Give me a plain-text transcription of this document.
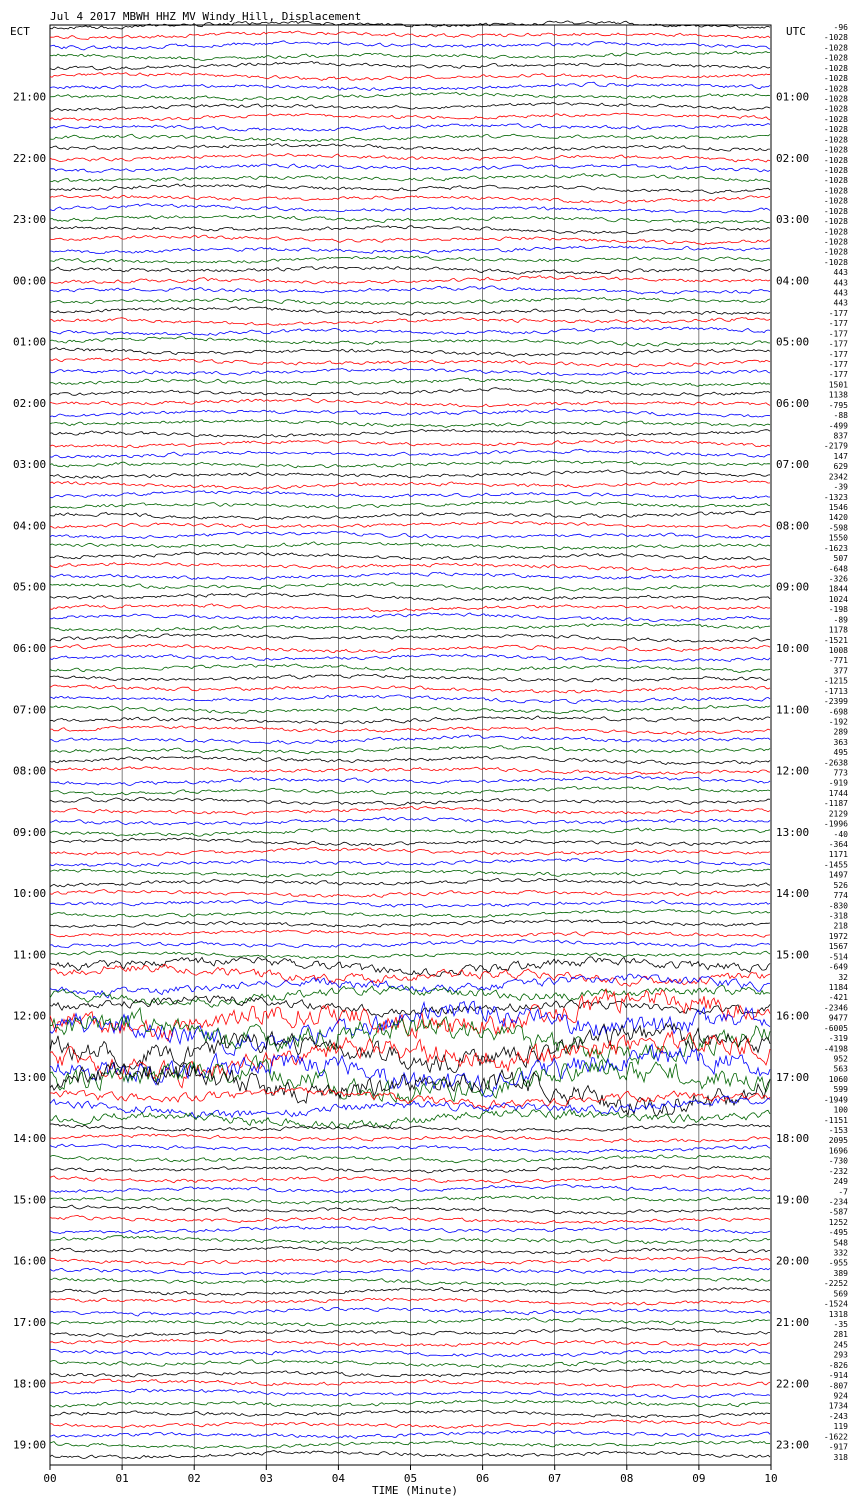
Jul 4 2017 MBWH HHZ MV Windy Hill, Displacement
ECT	UTC
21:00
22:00
23:00
00:00
01:00
02:00
03:00
04:00
05:00
06:00
07:00
08:00
09:00
10:00
11:00
12:00
13:00
14:00
15:00
16:00
17:00
18:00
19:00
01:00
02:00
03:00
04:00
05:00
06:00
07:00
08:00
09:00
10:00
11:00
12:00
13:00
14:00
15:00
16:00
17:00
18:00
19:00
20:00
21:00
22:00
23:00
-96
-1028
-1028
-1028
-1028
-1028
-1028
-1028
-1028
-1028
-1028
-1028
-1028
-1028
-1028
-1028
-1028
-1028
-1028
-1028
-1028
-1028
-1028
-1028
443
443
443
443
-177
-177
-177
-177
-177
-177
-177
1501
1138
-795
-88
-499
837
-2179
147
629
2342
-39
-1323
1546
1420
-598
1550
-1623
507
-648
-326
1844
1024
-198
-89
1178
-1521
1008
-771
377
-1215
-1713
-2399
-698
-192
289
363
495
-2638
773
-919
1744
-1187
2129
-1996
-40
-364
1171
-1455
1497
526
774
-830
-318
218
1972
1567
-514
-649
32
1184
-421
-2346
9477
-6005
-319
-4198
952
563
1060
599
-1949
100
-1151
-153
2095
1696
-730
-232
249
-7
-234
-587
1252
-495
548
332
-955
389
-2252
569
-1524
1318
-35
281
245
293
-826
-914
-807
924
1734
-243
119
-1622
-917
318
00	01	02	03	04	05	06	07	08	09	10
TIME (Minute)
